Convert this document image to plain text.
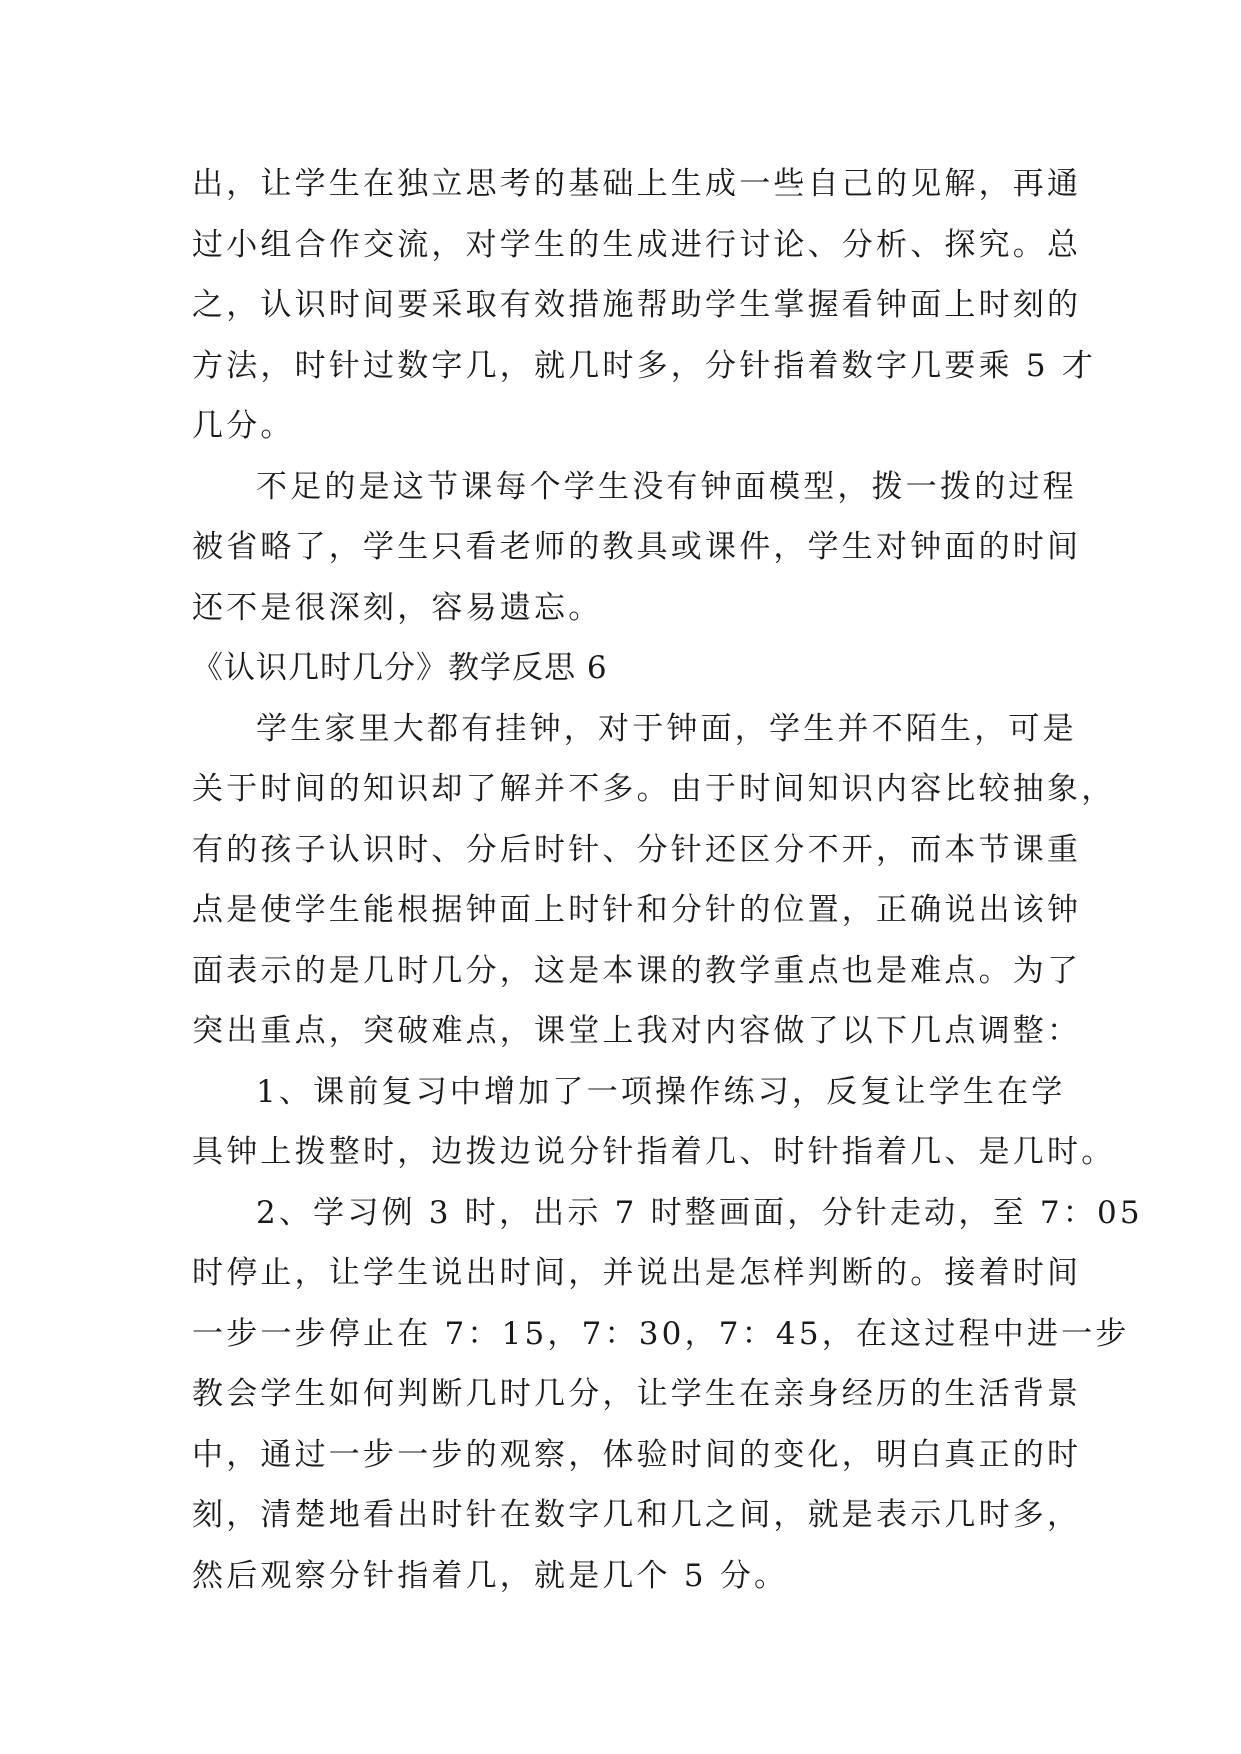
出，让学生在独立思考的基础上生成一些自己的见解，再通
过小组合作交流，对学生的生成进行讨论、分析、探究。总
之，认识时间要采取有效措施帮助学生掌握看钟面上时刻的
方法，时针过数字几，就几时多，分针指着数字几要乘 5 才
几分。
不足的是这节课每个学生没有钟面模型，拨一拨的过程
被省略了，学生只看老师的教具或课件，学生对钟面的时间
还不是很深刻，容易遗忘。
《认识几时几分》教学反思 6
学生家里大都有挂钟，对于钟面，学生并不陌生，可是
关于时间的知识却了解并不多。由于时间知识内容比较抽象，
有的孩子认识时、分后时针、分针还区分不开，而本节课重
点是使学生能根据钟面上时针和分针的位置，正确说出该钟
面表示的是几时几分，这是本课的教学重点也是难点。为了
突出重点，突破难点，课堂上我对内容做了以下几点调整：
1、课前复习中增加了一项操作练习，反复让学生在学
具钟上拨整时，边拨边说分针指着几、时针指着几、是几时。
2、学习例 3 时，出示 7 时整画面，分针走动，至 7：05
时停止，让学生说出时间，并说出是怎样判断的。接着时间
一步一步停止在 7：15，7：30，7：45，在这过程中进一步
教会学生如何判断几时几分，让学生在亲身经历的生活背景
中，通过一步一步的观察，体验时间的变化，明白真正的时
刻，清楚地看出时针在数字几和几之间，就是表示几时多，
然后观察分针指着几，就是几个 5 分。
